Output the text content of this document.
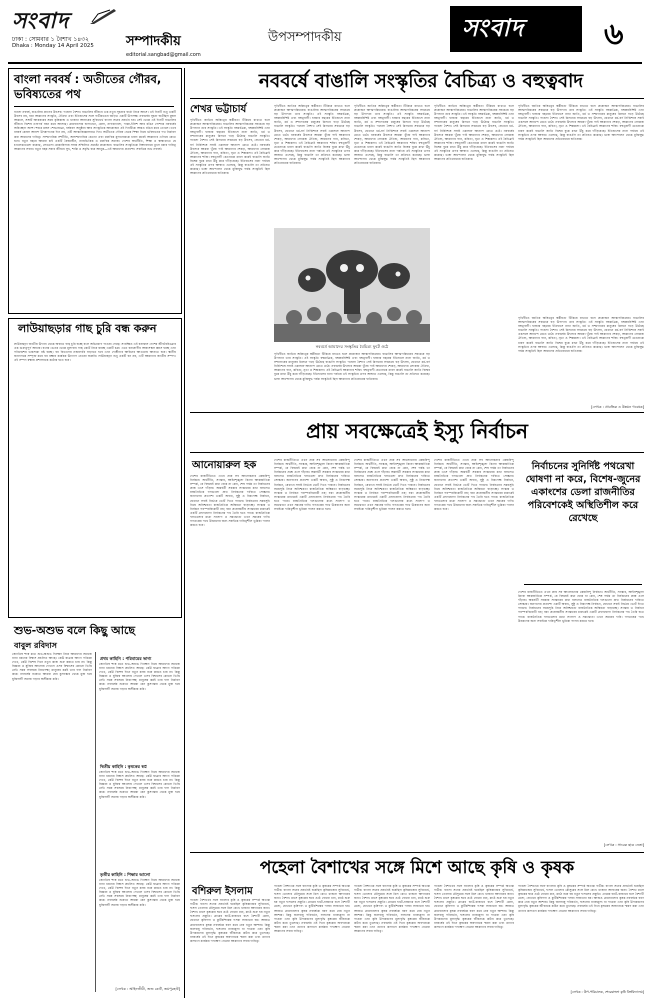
সংবাদ
ঢাকা : সোমবার ১ বৈশাখ ১৪৩২
Dhaka : Monday 14 April 2025 সম্পাদকীয়
editorial.sangbad@gmail.com
উপসম্পাদকীয়	সংবাদ	৬
বাংলা নববর্ষ : অতীতের গৌরব, ভবিষ্যতের পথ
বাংলা নববর্ষ, বাঙালির প্রাণের উৎসব। পহেলা বৈশাখ বাঙালির জীবনে এক নতুন সূচনার বার্তা নিয়ে আসে। এই দিনটি শুধু একটি উৎসব নয়, বরং আমাদের সংস্কৃতি, ঐতিহ্য এবং ইতিহাসের সঙ্গে গভীরভাবে জড়িত একটি উপলক্ষ। নববর্ষের সূচনা ঘটেছিল মুঘল আমলে, সম্রাট আকবরের সময় কৃষিকাজ ও খাজনা আদায়ের সুবিধার্থে বাংলা সনের প্রবর্তন হয়। সেই থেকে এই দিনটি বাঙালির জীবনে বিশেষ তাৎপর্য বহন করে আসছে। গ্রামবাংলার হালখাতা, মেলা, নাগরদোলা, পান্তা-ইলিশ আর রঙিন পোশাক নববর্ষের অবিচ্ছেদ্য অংশ। শহরে মঙ্গল শোভাযাত্রা, বর্ষবরণ অনুষ্ঠান আর সাংস্কৃতিক আয়োজন এই দিনটিকে আরও রঙিন করে তোলে। তবে নববর্ষ কেবল আনন্দ উদযাপনের দিন নয়, এটি আত্মজিজ্ঞাসারও দিন। অতীতের গৌরব থেকে শিক্ষা নিয়ে ভবিষ্যতের পথ নির্ধারণ করা আমাদের দায়িত্ব। সাম্প্রদায়িক সম্প্রীতি, অসাম্প্রদায়িক চেতনা এবং মানবিক মূল্যবোধকে ধারণ করেই আমাদের এগিয়ে যেতে হবে। নতুন বছরে আমরা চাই একটি বৈষম্যহীন, ন্যায়ভিত্তিক ও মানবিক সমাজ। দেশের অর্থনীতি, শিক্ষা ও স্বাস্থ্যখাতে যে চ্যালেঞ্জগুলো রয়েছে, সেগুলো মোকাবিলায় সবার সম্মিলিত প্রচেষ্টা প্রয়োজন। বাঙালির সংস্কৃতিকে বিশ্বদরবারে তুলে ধরার দায়িত্ব আমাদের সবার। নতুন বছর সবার জীবনে সুখ, শান্তি ও সমৃদ্ধি বয়ে আনুক—এই আমাদের প্রত্যাশা। সবাইকে শুভ নববর্ষ।
লাউয়াছড়ার গাছ চুরি বন্ধ করুন
লাউয়াছড়া জাতীয় উদ্যান থেকে অবাধে গাছ চুরি হচ্ছে বলে অভিযোগ পাওয়া গেছে। সংরক্ষিত এই বনাঞ্চল দেশের জীববৈচিত্র্যের এক গুরুত্বপূর্ণ আধার। বনের ভেতর থেকে মূল্যবান গাছ কেটে নিয়ে যাচ্ছে একটি চক্র। এতে বন্যপ্রাণীর আবাসস্থল ধ্বংস হচ্ছে এবং পরিবেশের ভারসাম্য নষ্ট হচ্ছে। বন বিভাগের নজরদারি বাড়াতে হবে এবং দোষীদের আইনের আওতায় আনতে হবে। স্থানীয় জনগণকে সম্পৃক্ত করে বন রক্ষায় কার্যকর উদ্যোগ নেওয়া জরুরি। লাউয়াছড়া শুধু একটি বন নয়, এটি আমাদের জাতীয় সম্পদ। এই সম্পদ রক্ষায় প্রশাসনকে কঠোর হতে হবে।
শুভ-অশুভ বলে কিছু আছে
বাবুল রবিদাস
জ্যোতিষ শাস্ত্র মতে শুভ-অশুভ দিনক্ষণ নিয়ে আমাদের সমাজে নানা ধরনের বিশ্বাস প্রচলিত আছে। কেউ যাত্রার আগে পঞ্জিকা দেখে, কেউ বিশেষ দিনে নতুন কাজ শুরু করতে চায় না। কিন্তু বিজ্ঞান ও যুক্তির আলোয় দেখলে এসব বিশ্বাসের কোনো ভিত্তি নেই। সময় সবসময় নিরপেক্ষ; মানুষের কর্মই তার ফল নির্ধারণ করে। নববর্ষের শুরুতে আমরা যেন কুসংস্কার থেকে মুক্ত হয়ে যুক্তিবাদী সমাজ গড়ার অঙ্গীকার করি।
প্রথম কাহিনি : পরিবারের ভাগ্য
জ্যোতিষ শাস্ত্র মতে শুভ-অশুভ দিনক্ষণ নিয়ে আমাদের সমাজে নানা ধরনের বিশ্বাস প্রচলিত আছে। কেউ যাত্রার আগে পঞ্জিকা দেখে, কেউ বিশেষ দিনে নতুন কাজ শুরু করতে চায় না। কিন্তু বিজ্ঞান ও যুক্তির আলোয় দেখলে এসব বিশ্বাসের কোনো ভিত্তি নেই। সময় সবসময় নিরপেক্ষ; মানুষের কর্মই তার ফল নির্ধারণ করে। নববর্ষের শুরুতে আমরা যেন কুসংস্কার থেকে মুক্ত হয়ে যুক্তিবাদী সমাজ গড়ার অঙ্গীকার করি।
দ্বিতীয় কাহিনি : কৃষকের স্বপ্ন
জ্যোতিষ শাস্ত্র মতে শুভ-অশুভ দিনক্ষণ নিয়ে আমাদের সমাজে নানা ধরনের বিশ্বাস প্রচলিত আছে। কেউ যাত্রার আগে পঞ্জিকা দেখে, কেউ বিশেষ দিনে নতুন কাজ শুরু করতে চায় না। কিন্তু বিজ্ঞান ও যুক্তির আলোয় দেখলে এসব বিশ্বাসের কোনো ভিত্তি নেই। সময় সবসময় নিরপেক্ষ; মানুষের কর্মই তার ফল নির্ধারণ করে। নববর্ষের শুরুতে আমরা যেন কুসংস্কার থেকে মুক্ত হয়ে যুক্তিবাদী সমাজ গড়ার অঙ্গীকার করি।
তৃতীয় কাহিনি : শিক্ষার আলো
জ্যোতিষ শাস্ত্র মতে শুভ-অশুভ দিনক্ষণ নিয়ে আমাদের সমাজে নানা ধরনের বিশ্বাস প্রচলিত আছে। কেউ যাত্রার আগে পঞ্জিকা দেখে, কেউ বিশেষ দিনে নতুন কাজ শুরু করতে চায় না। কিন্তু বিজ্ঞান ও যুক্তির আলোয় দেখলে এসব বিশ্বাসের কোনো ভিত্তি নেই। সময় সবসময় নিরপেক্ষ; মানুষের কর্মই তার ফল নির্ধারণ করে। নববর্ষের শুরুতে আমরা যেন কুসংস্কার থেকে মুক্ত হয়ে যুক্তিবাদী সমাজ গড়ার অঙ্গীকার করি।
[লেখক : আইনজীবী, জজ কোর্ট, জয়পুরহাট]
নববর্ষে বাঙালি সংস্কৃতির বৈচিত্র্য ও বহুত্ববাদ
শেখর ভট্টাচার্য
পৃথিবীতে জাতির অস্তিত্বের স্বকীয়তা টিকিয়ে রাখতে হলে প্রয়োজন আত্মপরিচয়ের। বাঙালির আত্মপরিচয়ের সবচেয়ে বড় উপাদান তার সংস্কৃতি। এই সংস্কৃতি বহুমাত্রিক, বহুস্তরবিশিষ্ট এবং বহুত্ববাদী। হাজার বছরের ইতিহাসে নানা জাতি, ধর্ম ও সম্প্রদায়ের মানুষের মিলনে গড়ে উঠেছে বাঙালি সংস্কৃতি। পহেলা বৈশাখ সেই মিলনের সবচেয়ে বড় উৎসব, যেখানে ধর্ম-বর্ণ নির্বিশেষে সবাই একসঙ্গে আনন্দে মেতে ওঠে। নববর্ষের উৎসবে আমরা খুঁজে পাই আমাদের শেকড়, আমাদের লোকজ ঐতিহ্য, আমাদের গান, কবিতা, নৃত্য ও শিল্পকলা। এই বৈচিত্র্যই আমাদের শক্তি। বহুত্ববাদী চেতনাকে ধারণ করেই বাঙালি জাতি বিশ্বের বুকে মাথা উঁচু করে দাঁড়িয়েছে। ইতিহাসের নানা পর্যায়ে এই সংস্কৃতির ওপর আঘাত এসেছে, কিন্তু বাঙালি তা প্রতিহত করেছে। ভাষা আন্দোলন থেকে মুক্তিযুদ্ধ পর্যন্ত সংস্কৃতিই ছিল আমাদের প্রতিরোধের হাতিয়ার।
পৃথিবীতে জাতির অস্তিত্বের স্বকীয়তা টিকিয়ে রাখতে হলে প্রয়োজন আত্মপরিচয়ের। বাঙালির আত্মপরিচয়ের সবচেয়ে বড় উপাদান তার সংস্কৃতি। এই সংস্কৃতি বহুমাত্রিক, বহুস্তরবিশিষ্ট এবং বহুত্ববাদী। হাজার বছরের ইতিহাসে নানা জাতি, ধর্ম ও সম্প্রদায়ের মানুষের মিলনে গড়ে উঠেছে বাঙালি সংস্কৃতি। পহেলা বৈশাখ সেই মিলনের সবচেয়ে বড় উৎসব, যেখানে ধর্ম-বর্ণ নির্বিশেষে সবাই একসঙ্গে আনন্দে মেতে ওঠে। নববর্ষের উৎসবে আমরা খুঁজে পাই আমাদের শেকড়, আমাদের লোকজ ঐতিহ্য, আমাদের গান, কবিতা, নৃত্য ও শিল্পকলা। এই বৈচিত্র্যই আমাদের শক্তি। বহুত্ববাদী চেতনাকে ধারণ করেই বাঙালি জাতি বিশ্বের বুকে মাথা উঁচু করে দাঁড়িয়েছে। ইতিহাসের নানা পর্যায়ে এই সংস্কৃতির ওপর আঘাত এসেছে, কিন্তু বাঙালি তা প্রতিহত করেছে। ভাষা আন্দোলন থেকে মুক্তিযুদ্ধ পর্যন্ত সংস্কৃতিই ছিল আমাদের প্রতিরোধের হাতিয়ার।
পৃথিবীতে জাতির অস্তিত্বের স্বকীয়তা টিকিয়ে রাখতে হলে প্রয়োজন আত্মপরিচয়ের। বাঙালির আত্মপরিচয়ের সবচেয়ে বড় উপাদান তার সংস্কৃতি। এই সংস্কৃতি বহুমাত্রিক, বহুস্তরবিশিষ্ট এবং বহুত্ববাদী। হাজার বছরের ইতিহাসে নানা জাতি, ধর্ম ও সম্প্রদায়ের মানুষের মিলনে গড়ে উঠেছে বাঙালি সংস্কৃতি। পহেলা বৈশাখ সেই মিলনের সবচেয়ে বড় উৎসব, যেখানে ধর্ম-বর্ণ নির্বিশেষে সবাই একসঙ্গে আনন্দে মেতে ওঠে। নববর্ষের উৎসবে আমরা খুঁজে পাই আমাদের শেকড়, আমাদের লোকজ ঐতিহ্য, আমাদের গান, কবিতা, নৃত্য ও শিল্পকলা। এই বৈচিত্র্যই আমাদের শক্তি। বহুত্ববাদী চেতনাকে ধারণ করেই বাঙালি জাতি বিশ্বের বুকে মাথা উঁচু করে দাঁড়িয়েছে। ইতিহাসের নানা পর্যায়ে এই সংস্কৃতির ওপর আঘাত এসেছে, কিন্তু বাঙালি তা প্রতিহত করেছে। ভাষা আন্দোলন থেকে মুক্তিযুদ্ধ পর্যন্ত সংস্কৃতিই ছিল আমাদের প্রতিরোধের হাতিয়ার।
পৃথিবীতে জাতির অস্তিত্বের স্বকীয়তা টিকিয়ে রাখতে হলে প্রয়োজন আত্মপরিচয়ের। বাঙালির আত্মপরিচয়ের সবচেয়ে বড় উপাদান তার সংস্কৃতি। এই সংস্কৃতি বহুমাত্রিক, বহুস্তরবিশিষ্ট এবং বহুত্ববাদী। হাজার বছরের ইতিহাসে নানা জাতি, ধর্ম ও সম্প্রদায়ের মানুষের মিলনে গড়ে উঠেছে বাঙালি সংস্কৃতি। পহেলা বৈশাখ সেই মিলনের সবচেয়ে বড় উৎসব, যেখানে ধর্ম-বর্ণ নির্বিশেষে সবাই একসঙ্গে আনন্দে মেতে ওঠে। নববর্ষের উৎসবে আমরা খুঁজে পাই আমাদের শেকড়, আমাদের লোকজ ঐতিহ্য, আমাদের গান, কবিতা, নৃত্য ও শিল্পকলা। এই বৈচিত্র্যই আমাদের শক্তি। বহুত্ববাদী চেতনাকে ধারণ করেই বাঙালি জাতি বিশ্বের বুকে মাথা উঁচু করে দাঁড়িয়েছে। ইতিহাসের নানা পর্যায়ে এই সংস্কৃতির ওপর আঘাত এসেছে, কিন্তু বাঙালি তা প্রতিহত করেছে। ভাষা আন্দোলন থেকে মুক্তিযুদ্ধ পর্যন্ত সংস্কৃতিই ছিল আমাদের প্রতিরোধের হাতিয়ার।
পৃথিবীতে জাতির অস্তিত্বের স্বকীয়তা টিকিয়ে রাখতে হলে প্রয়োজন আত্মপরিচয়ের। বাঙালির আত্মপরিচয়ের সবচেয়ে বড় উপাদান তার সংস্কৃতি। এই সংস্কৃতি বহুমাত্রিক, বহুস্তরবিশিষ্ট এবং বহুত্ববাদী। হাজার বছরের ইতিহাসে নানা জাতি, ধর্ম ও সম্প্রদায়ের মানুষের মিলনে গড়ে উঠেছে বাঙালি সংস্কৃতি। পহেলা বৈশাখ সেই মিলনের সবচেয়ে বড় উৎসব, যেখানে ধর্ম-বর্ণ নির্বিশেষে সবাই একসঙ্গে আনন্দে মেতে ওঠে। নববর্ষের উৎসবে আমরা খুঁজে পাই আমাদের শেকড়, আমাদের লোকজ ঐতিহ্য, আমাদের গান, কবিতা, নৃত্য ও শিল্পকলা। এই বৈচিত্র্যই আমাদের শক্তি। বহুত্ববাদী চেতনাকে ধারণ করেই বাঙালি জাতি বিশ্বের বুকে মাথা উঁচু করে দাঁড়িয়েছে। ইতিহাসের নানা পর্যায়ে এই সংস্কৃতির ওপর আঘাত এসেছে, কিন্তু বাঙালি তা প্রতিহত করেছে। ভাষা আন্দোলন থেকে মুক্তিযুদ্ধ পর্যন্ত সংস্কৃতিই ছিল আমাদের প্রতিরোধের হাতিয়ার।
নববর্ষে আমাদের সংস্কৃতির বৈচিত্র্য ফুটে ওঠে
পৃথিবীতে জাতির অস্তিত্বের স্বকীয়তা টিকিয়ে রাখতে হলে প্রয়োজন আত্মপরিচয়ের। বাঙালির আত্মপরিচয়ের সবচেয়ে বড় উপাদান তার সংস্কৃতি। এই সংস্কৃতি বহুমাত্রিক, বহুস্তরবিশিষ্ট এবং বহুত্ববাদী। হাজার বছরের ইতিহাসে নানা জাতি, ধর্ম ও সম্প্রদায়ের মানুষের মিলনে গড়ে উঠেছে বাঙালি সংস্কৃতি। পহেলা বৈশাখ সেই মিলনের সবচেয়ে বড় উৎসব, যেখানে ধর্ম-বর্ণ নির্বিশেষে সবাই একসঙ্গে আনন্দে মেতে ওঠে। নববর্ষের উৎসবে আমরা খুঁজে পাই আমাদের শেকড়, আমাদের লোকজ ঐতিহ্য, আমাদের গান, কবিতা, নৃত্য ও শিল্পকলা। এই বৈচিত্র্যই আমাদের শক্তি। বহুত্ববাদী চেতনাকে ধারণ করেই বাঙালি জাতি বিশ্বের বুকে মাথা উঁচু করে দাঁড়িয়েছে। ইতিহাসের নানা পর্যায়ে এই সংস্কৃতির ওপর আঘাত এসেছে, কিন্তু বাঙালি তা প্রতিহত করেছে। ভাষা আন্দোলন থেকে মুক্তিযুদ্ধ পর্যন্ত সংস্কৃতিই ছিল আমাদের প্রতিরোধের হাতিয়ার।
পৃথিবীতে জাতির অস্তিত্বের স্বকীয়তা টিকিয়ে রাখতে হলে প্রয়োজন আত্মপরিচয়ের। বাঙালির আত্মপরিচয়ের সবচেয়ে বড় উপাদান তার সংস্কৃতি। এই সংস্কৃতি বহুমাত্রিক, বহুস্তরবিশিষ্ট এবং বহুত্ববাদী। হাজার বছরের ইতিহাসে নানা জাতি, ধর্ম ও সম্প্রদায়ের মানুষের মিলনে গড়ে উঠেছে বাঙালি সংস্কৃতি। পহেলা বৈশাখ সেই মিলনের সবচেয়ে বড় উৎসব, যেখানে ধর্ম-বর্ণ নির্বিশেষে সবাই একসঙ্গে আনন্দে মেতে ওঠে। নববর্ষের উৎসবে আমরা খুঁজে পাই আমাদের শেকড়, আমাদের লোকজ ঐতিহ্য, আমাদের গান, কবিতা, নৃত্য ও শিল্পকলা। এই বৈচিত্র্যই আমাদের শক্তি। বহুত্ববাদী চেতনাকে ধারণ করেই বাঙালি জাতি বিশ্বের বুকে মাথা উঁচু করে দাঁড়িয়েছে। ইতিহাসের নানা পর্যায়ে এই সংস্কৃতির ওপর আঘাত এসেছে, কিন্তু বাঙালি তা প্রতিহত করেছে। ভাষা আন্দোলন থেকে মুক্তিযুদ্ধ পর্যন্ত সংস্কৃতিই ছিল আমাদের প্রতিরোধের হাতিয়ার।
[লেখক : প্রাবন্ধিক ও উন্নয়ন গবেষক]
প্রায় সবক্ষেত্রেই ইস্যু নির্বাচন
আনোয়ারুল হক
দেশের রাজনীতিতে এখন প্রায় সব আলোচনার কেন্দ্রবিন্দু নির্বাচন। অর্থনীতি, সংস্কার, আইনশৃঙ্খলা কিংবা আন্তর্জাতিক সম্পর্ক, যে বিষয়েই কথা হোক না কেন, শেষ পর্যন্ত তা নির্বাচনের প্রশ্নে এসে দাঁড়ায়। অন্তর্বর্তী সরকার সংস্কারের কথা বললেও রাজনৈতিক দলগুলো দ্রুত নির্বাচনের দাবিতে সোচ্চার। জনগণের প্রত্যাশা একটি অবাধ, সুষ্ঠু ও নিরপেক্ষ নির্বাচন, যেখানে সবাই নির্ভয়ে ভোট দিতে পারবে। নির্বাচনের সময়সূচি নিয়ে অনিশ্চয়তা রাজনৈতিক অস্থিরতা বাড়াচ্ছে। সংস্কার ও নির্বাচন পরস্পরবিরোধী নয়; বরং প্রয়োজনীয় সংস্কারের মাধ্যমেই একটি গ্রহণযোগ্য নির্বাচনের পথ তৈরি হতে পারে। রাজনৈতিক দলগুলোর মধ্যে সংলাপ ও সমঝোতা এখন সময়ের দাবি। গণতন্ত্রের পথে উত্তরণের জন্য সবাইকে দায়িত্বশীল ভূমিকা পালন করতে হবে।
দেশের রাজনীতিতে এখন প্রায় সব আলোচনার কেন্দ্রবিন্দু নির্বাচন। অর্থনীতি, সংস্কার, আইনশৃঙ্খলা কিংবা আন্তর্জাতিক সম্পর্ক, যে বিষয়েই কথা হোক না কেন, শেষ পর্যন্ত তা নির্বাচনের প্রশ্নে এসে দাঁড়ায়। অন্তর্বর্তী সরকার সংস্কারের কথা বললেও রাজনৈতিক দলগুলো দ্রুত নির্বাচনের দাবিতে সোচ্চার। জনগণের প্রত্যাশা একটি অবাধ, সুষ্ঠু ও নিরপেক্ষ নির্বাচন, যেখানে সবাই নির্ভয়ে ভোট দিতে পারবে। নির্বাচনের সময়সূচি নিয়ে অনিশ্চয়তা রাজনৈতিক অস্থিরতা বাড়াচ্ছে। সংস্কার ও নির্বাচন পরস্পরবিরোধী নয়; বরং প্রয়োজনীয় সংস্কারের মাধ্যমেই একটি গ্রহণযোগ্য নির্বাচনের পথ তৈরি হতে পারে। রাজনৈতিক দলগুলোর মধ্যে সংলাপ ও সমঝোতা এখন সময়ের দাবি। গণতন্ত্রের পথে উত্তরণের জন্য সবাইকে দায়িত্বশীল ভূমিকা পালন করতে হবে।
দেশের রাজনীতিতে এখন প্রায় সব আলোচনার কেন্দ্রবিন্দু নির্বাচন। অর্থনীতি, সংস্কার, আইনশৃঙ্খলা কিংবা আন্তর্জাতিক সম্পর্ক, যে বিষয়েই কথা হোক না কেন, শেষ পর্যন্ত তা নির্বাচনের প্রশ্নে এসে দাঁড়ায়। অন্তর্বর্তী সরকার সংস্কারের কথা বললেও রাজনৈতিক দলগুলো দ্রুত নির্বাচনের দাবিতে সোচ্চার। জনগণের প্রত্যাশা একটি অবাধ, সুষ্ঠু ও নিরপেক্ষ নির্বাচন, যেখানে সবাই নির্ভয়ে ভোট দিতে পারবে। নির্বাচনের সময়সূচি নিয়ে অনিশ্চয়তা রাজনৈতিক অস্থিরতা বাড়াচ্ছে। সংস্কার ও নির্বাচন পরস্পরবিরোধী নয়; বরং প্রয়োজনীয় সংস্কারের মাধ্যমেই একটি গ্রহণযোগ্য নির্বাচনের পথ তৈরি হতে পারে। রাজনৈতিক দলগুলোর মধ্যে সংলাপ ও সমঝোতা এখন সময়ের দাবি। গণতন্ত্রের পথে উত্তরণের জন্য সবাইকে দায়িত্বশীল ভূমিকা পালন করতে হবে।
দেশের রাজনীতিতে এখন প্রায় সব আলোচনার কেন্দ্রবিন্দু নির্বাচন। অর্থনীতি, সংস্কার, আইনশৃঙ্খলা কিংবা আন্তর্জাতিক সম্পর্ক, যে বিষয়েই কথা হোক না কেন, শেষ পর্যন্ত তা নির্বাচনের প্রশ্নে এসে দাঁড়ায়। অন্তর্বর্তী সরকার সংস্কারের কথা বললেও রাজনৈতিক দলগুলো দ্রুত নির্বাচনের দাবিতে সোচ্চার। জনগণের প্রত্যাশা একটি অবাধ, সুষ্ঠু ও নিরপেক্ষ নির্বাচন, যেখানে সবাই নির্ভয়ে ভোট দিতে পারবে। নির্বাচনের সময়সূচি নিয়ে অনিশ্চয়তা রাজনৈতিক অস্থিরতা বাড়াচ্ছে। সংস্কার ও নির্বাচন পরস্পরবিরোধী নয়; বরং প্রয়োজনীয় সংস্কারের মাধ্যমেই একটি গ্রহণযোগ্য নির্বাচনের পথ তৈরি হতে পারে। রাজনৈতিক দলগুলোর মধ্যে সংলাপ ও সমঝোতা এখন সময়ের দাবি। গণতন্ত্রের পথে উত্তরণের জন্য সবাইকে দায়িত্বশীল ভূমিকা পালন করতে হবে।
নির্বাচনের সুনির্দিষ্ট পথরেখা ঘোষণা না করে, বিশেষ-জুনের একাংশের ডেলা রাজনীতির পরিবেশকেই অস্থিতিশীল করে রেখেছে
দেশের রাজনীতিতে এখন প্রায় সব আলোচনার কেন্দ্রবিন্দু নির্বাচন। অর্থনীতি, সংস্কার, আইনশৃঙ্খলা কিংবা আন্তর্জাতিক সম্পর্ক, যে বিষয়েই কথা হোক না কেন, শেষ পর্যন্ত তা নির্বাচনের প্রশ্নে এসে দাঁড়ায়। অন্তর্বর্তী সরকার সংস্কারের কথা বললেও রাজনৈতিক দলগুলো দ্রুত নির্বাচনের দাবিতে সোচ্চার। জনগণের প্রত্যাশা একটি অবাধ, সুষ্ঠু ও নিরপেক্ষ নির্বাচন, যেখানে সবাই নির্ভয়ে ভোট দিতে পারবে। নির্বাচনের সময়সূচি নিয়ে অনিশ্চয়তা রাজনৈতিক অস্থিরতা বাড়াচ্ছে। সংস্কার ও নির্বাচন পরস্পরবিরোধী নয়; বরং প্রয়োজনীয় সংস্কারের মাধ্যমেই একটি গ্রহণযোগ্য নির্বাচনের পথ তৈরি হতে পারে। রাজনৈতিক দলগুলোর মধ্যে সংলাপ ও সমঝোতা এখন সময়ের দাবি। গণতন্ত্রের পথে উত্তরণের জন্য সবাইকে দায়িত্বশীল ভূমিকা পালন করতে হবে।
[লেখক : সাবেক ছাত্র নেতা]
পহেলা বৈশাখের সঙ্গে মিশে আছে কৃষি ও কৃষক
বশিরুল ইসলাম
পহেলা বৈশাখের সঙ্গে বাংলার কৃষি ও কৃষকের সম্পর্ক অত্যন্ত গভীর। বাংলা সনের প্রবর্তনই হয়েছিল কৃষিকাজের সুবিধার্থে, ফসল তোলার মৌসুমের সঙ্গে মিল রেখে খাজনা আদায়ের জন্য। বৈশাখ মাসে কৃষকের ঘরে ওঠে বোরো ধান, মাঠে শুরু হয় নতুন ফসলের প্রস্তুতি। গ্রামের হাটে-বাজারে বসে বৈশাখী মেলা, যেখানে কৃষিপণ্য ও কুটিরশিল্পের পসরা সাজানো হয়। আজও গ্রামবাংলার কৃষক নববর্ষকে বরণ করে নেয় নতুন আশায়। কিন্তু জলবায়ু পরিবর্তন, ফসলের ন্যায্যমূল্য না পাওয়া এবং কৃষি উপকরণের মূল্যবৃদ্ধি কৃষকের জীবনকে কঠিন করে তুলেছে। নববর্ষের এই দিনে কৃষকের অবদানকে স্মরণ করা এবং তাদের কল্যাণে কার্যকর পদক্ষেপ নেওয়া আমাদের সবার দায়িত্ব।
পহেলা বৈশাখের সঙ্গে বাংলার কৃষি ও কৃষকের সম্পর্ক অত্যন্ত গভীর। বাংলা সনের প্রবর্তনই হয়েছিল কৃষিকাজের সুবিধার্থে, ফসল তোলার মৌসুমের সঙ্গে মিল রেখে খাজনা আদায়ের জন্য। বৈশাখ মাসে কৃষকের ঘরে ওঠে বোরো ধান, মাঠে শুরু হয় নতুন ফসলের প্রস্তুতি। গ্রামের হাটে-বাজারে বসে বৈশাখী মেলা, যেখানে কৃষিপণ্য ও কুটিরশিল্পের পসরা সাজানো হয়। আজও গ্রামবাংলার কৃষক নববর্ষকে বরণ করে নেয় নতুন আশায়। কিন্তু জলবায়ু পরিবর্তন, ফসলের ন্যায্যমূল্য না পাওয়া এবং কৃষি উপকরণের মূল্যবৃদ্ধি কৃষকের জীবনকে কঠিন করে তুলেছে। নববর্ষের এই দিনে কৃষকের অবদানকে স্মরণ করা এবং তাদের কল্যাণে কার্যকর পদক্ষেপ নেওয়া আমাদের সবার দায়িত্ব।
পহেলা বৈশাখের সঙ্গে বাংলার কৃষি ও কৃষকের সম্পর্ক অত্যন্ত গভীর। বাংলা সনের প্রবর্তনই হয়েছিল কৃষিকাজের সুবিধার্থে, ফসল তোলার মৌসুমের সঙ্গে মিল রেখে খাজনা আদায়ের জন্য। বৈশাখ মাসে কৃষকের ঘরে ওঠে বোরো ধান, মাঠে শুরু হয় নতুন ফসলের প্রস্তুতি। গ্রামের হাটে-বাজারে বসে বৈশাখী মেলা, যেখানে কৃষিপণ্য ও কুটিরশিল্পের পসরা সাজানো হয়। আজও গ্রামবাংলার কৃষক নববর্ষকে বরণ করে নেয় নতুন আশায়। কিন্তু জলবায়ু পরিবর্তন, ফসলের ন্যায্যমূল্য না পাওয়া এবং কৃষি উপকরণের মূল্যবৃদ্ধি কৃষকের জীবনকে কঠিন করে তুলেছে। নববর্ষের এই দিনে কৃষকের অবদানকে স্মরণ করা এবং তাদের কল্যাণে কার্যকর পদক্ষেপ নেওয়া আমাদের সবার দায়িত্ব।
পহেলা বৈশাখের সঙ্গে বাংলার কৃষি ও কৃষকের সম্পর্ক অত্যন্ত গভীর। বাংলা সনের প্রবর্তনই হয়েছিল কৃষিকাজের সুবিধার্থে, ফসল তোলার মৌসুমের সঙ্গে মিল রেখে খাজনা আদায়ের জন্য। বৈশাখ মাসে কৃষকের ঘরে ওঠে বোরো ধান, মাঠে শুরু হয় নতুন ফসলের প্রস্তুতি। গ্রামের হাটে-বাজারে বসে বৈশাখী মেলা, যেখানে কৃষিপণ্য ও কুটিরশিল্পের পসরা সাজানো হয়। আজও গ্রামবাংলার কৃষক নববর্ষকে বরণ করে নেয় নতুন আশায়। কিন্তু জলবায়ু পরিবর্তন, ফসলের ন্যায্যমূল্য না পাওয়া এবং কৃষি উপকরণের মূল্যবৃদ্ধি কৃষকের জীবনকে কঠিন করে তুলেছে। নববর্ষের এই দিনে কৃষকের অবদানকে স্মরণ করা এবং তাদের কল্যাণে কার্যকর পদক্ষেপ নেওয়া আমাদের সবার দায়িত্ব।
পহেলা বৈশাখের সঙ্গে বাংলার কৃষি ও কৃষকের সম্পর্ক অত্যন্ত গভীর। বাংলা সনের প্রবর্তনই হয়েছিল কৃষিকাজের সুবিধার্থে, ফসল তোলার মৌসুমের সঙ্গে মিল রেখে খাজনা আদায়ের জন্য। বৈশাখ মাসে কৃষকের ঘরে ওঠে বোরো ধান, মাঠে শুরু হয় নতুন ফসলের প্রস্তুতি। গ্রামের হাটে-বাজারে বসে বৈশাখী মেলা, যেখানে কৃষিপণ্য ও কুটিরশিল্পের পসরা সাজানো হয়। আজও গ্রামবাংলার কৃষক নববর্ষকে বরণ করে নেয় নতুন আশায়। কিন্তু জলবায়ু পরিবর্তন, ফসলের ন্যায্যমূল্য না পাওয়া এবং কৃষি উপকরণের মূল্যবৃদ্ধি কৃষকের জীবনকে কঠিন করে তুলেছে। নববর্ষের এই দিনে কৃষকের অবদানকে স্মরণ করা এবং তাদের কল্যাণে কার্যকর পদক্ষেপ নেওয়া আমাদের সবার দায়িত্ব।
[লেখক : উপ-পরিচালক, শেরেবাংলা কৃষি বিশ্ববিদ্যালয়]
